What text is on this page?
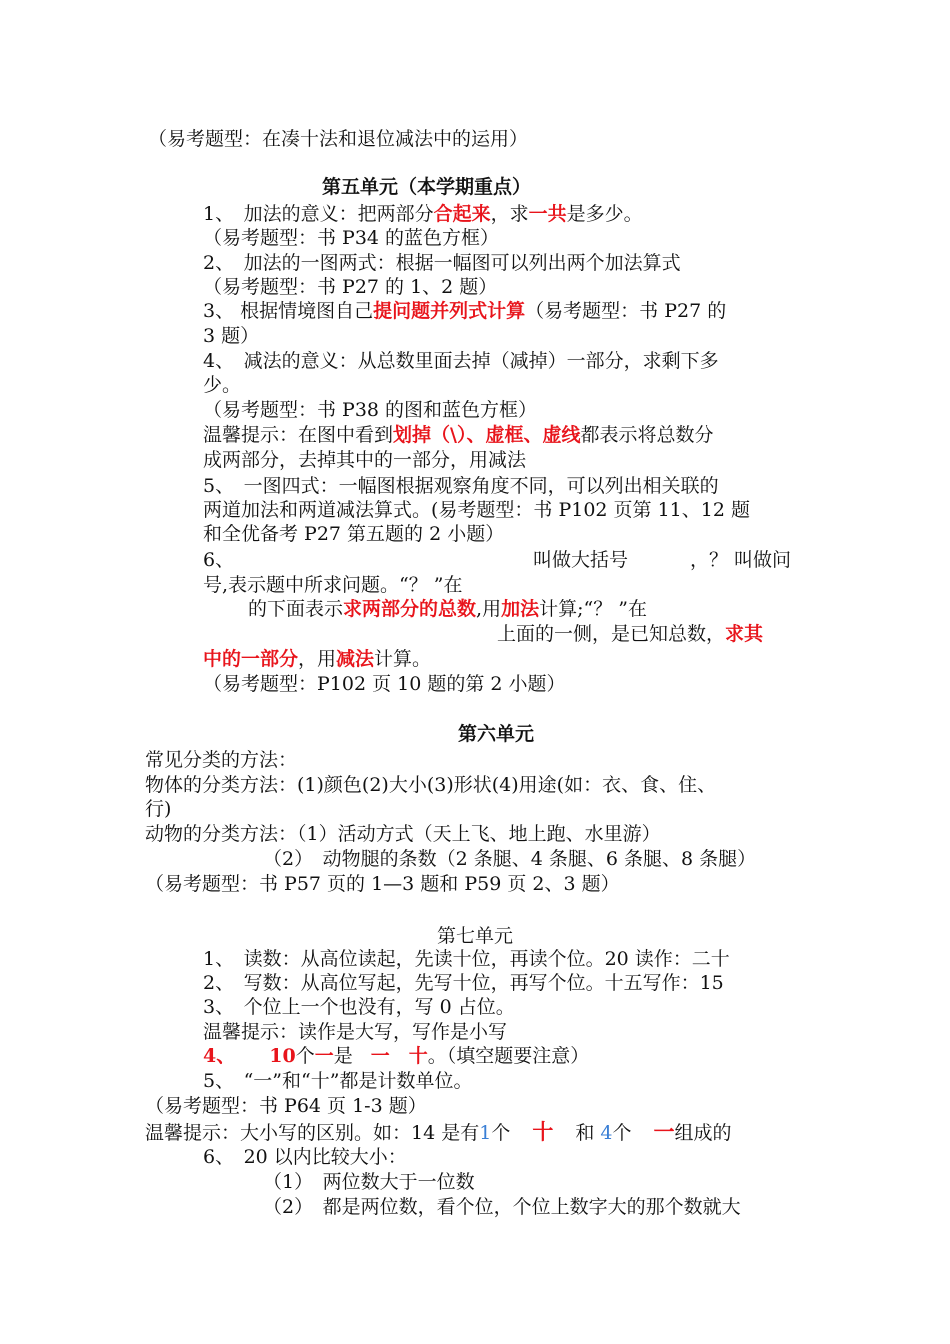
（易考题型：在凑十法和退位减法中的运用）
第五单元（本学期重点）
1、　加法的意义：把两部分合起来，求一共是多少。
（易考题型：书 P34 的蓝色方框）
2、　加法的一图两式：根据一幅图可以列出两个加法算式
（易考题型：书 P27 的 1、2 题）
3、 根据情境图自己提问题并列式计算（易考题型：书 P27 的
3 题）
4、　减法的意义：从总数里面去掉（减掉）一部分，求剩下多
少。
（易考题型：书 P38 的图和蓝色方框）
温馨提示：在图中看到划掉（\）、虚框、虚线都表示将总数分
成两部分，去掉其中的一部分，用减法
5、　一图四式：一幅图根据观察角度不同，可以列出相关联的
两道加法和两道减法算式。(易考题型：书 P102 页第 11、12 题
和全优备考 P27 第五题的 2 小题）
6、	叫做大括号	，？ 叫做问
号,表示题中所求问题。“？ ”在
的下面表示求两部分的总数,用加法计算;“？ ”在
上面的一侧，是已知总数，求其
中的一部分，用减法计算。
（易考题型：P102 页 10 题的第 2 小题）
第六单元
常见分类的方法：
物体的分类方法：(1)颜色(2)大小(3)形状(4)用途(如：衣、食、住、
行)
动物的分类方法：（1）活动方式（天上飞、地上跑、水里游）
（2）　动物腿的条数（2 条腿、4 条腿、6 条腿、8 条腿）
（易考题型：书 P57 页的 1—3 题和 P59 页 2、3 题）
第七单元
1、　读数：从高位读起，先读十位，再读个位。20 读作：二十
2、　写数：从高位写起，先写十位，再写个位。十五写作：15
3、　个位上一个也没有，写 0 占位。
温馨提示：读作是大写，写作是小写
4、 10个一是 一　十。（填空题要注意）
5、　“一”和“十”都是计数单位。
（易考题型：书 P64 页 1-3 题）
温馨提示：大小写的区别。如：14 是有1个 十 和 4个 一组成的
6、　20 以内比较大小：
（1）　两位数大于一位数
（2）　都是两位数，看个位，个位上数字大的那个数就大
